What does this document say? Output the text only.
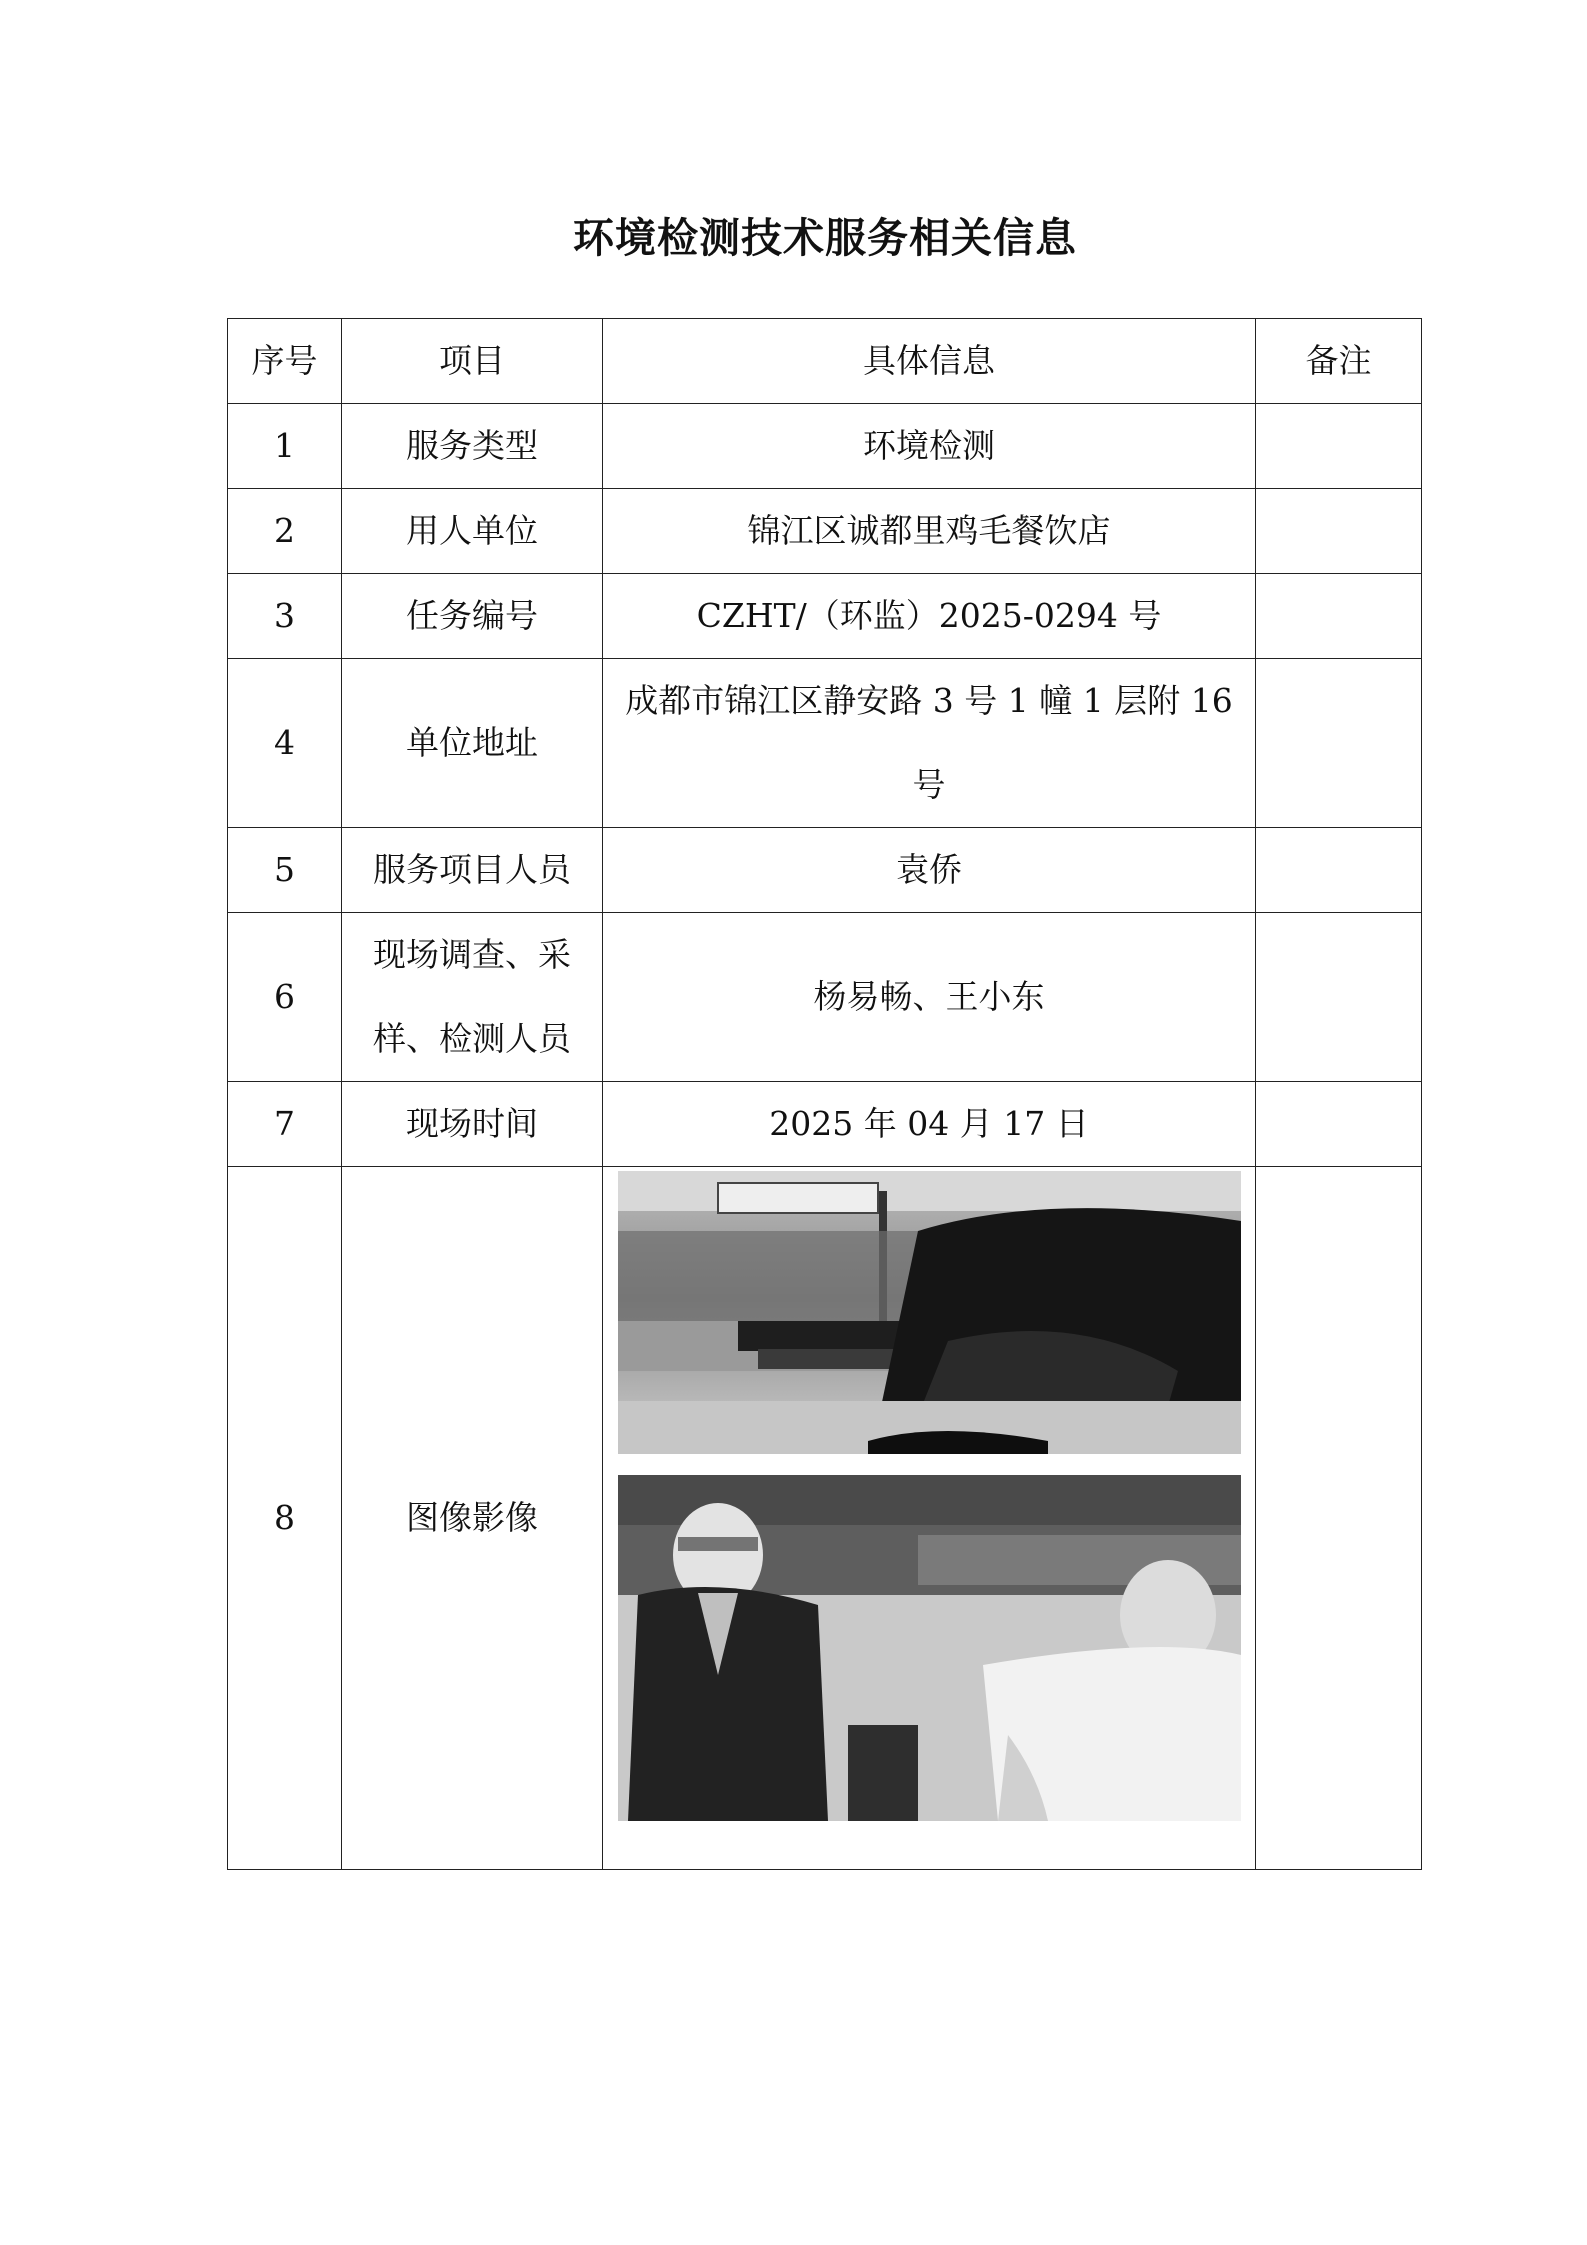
环境检测技术服务相关信息
序号	项目	具体信息	备注
1	服务类型	环境检测	
2	用人单位	锦江区诚都里鸡毛餐饮店	
3	任务编号	CZHT/（环监）2025-0294 号	
4	单位地址	成都市锦江区静安路 3 号 1 幢 1 层附 16 号	

5	服务项目人员	袁侨	
6	现场调查、采样、检测人员	杨易畅、王小东	
7	现场时间	2025 年 04 月 17 日	
8	图像影像	
